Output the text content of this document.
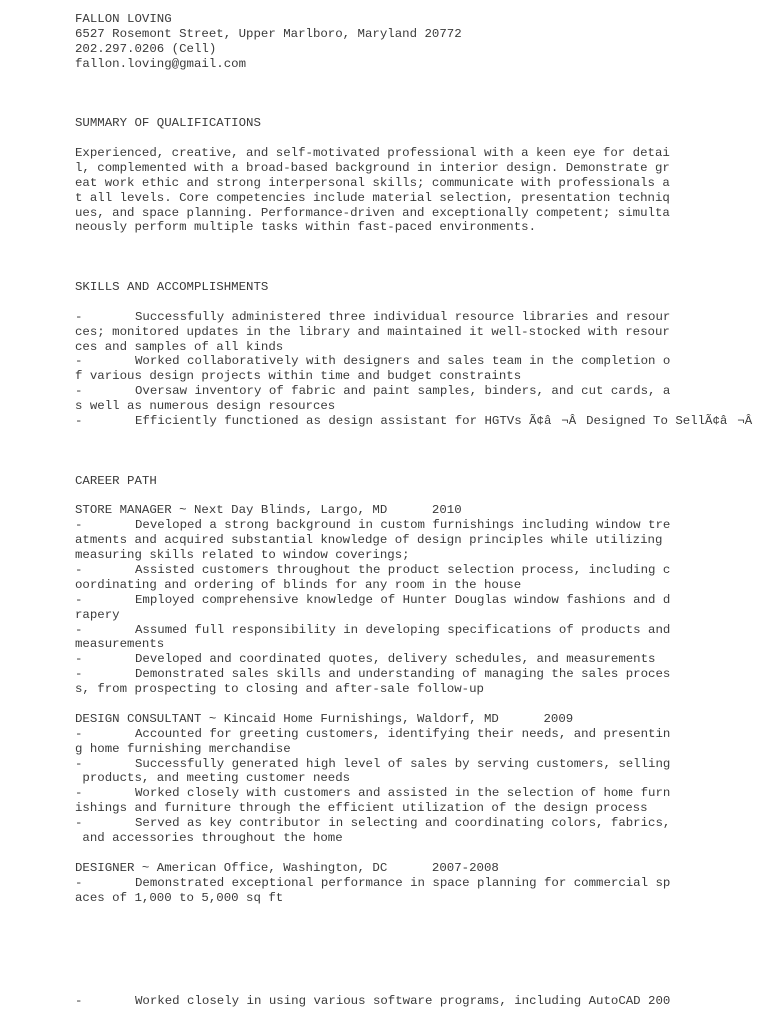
FALLON LOVING
6527 Rosemont Street, Upper Marlboro, Maryland 20772
202.297.0206 (Cell)
fallon.loving@gmail.com
SUMMARY OF QUALIFICATIONS
Experienced, creative, and self-motivated professional with a keen eye for detai
l, complemented with a broad-based background in interior design. Demonstrate gr
eat work ethic and strong interpersonal skills; communicate with professionals a
t all levels. Core competencies include material selection, presentation techniq
ues, and space planning. Performance-driven and exceptionally competent; simulta
neously perform multiple tasks within fast-paced environments.
SKILLS AND ACCOMPLISHMENTS
-	Successfully administered three individual resource libraries and resour
ces; monitored updates in the library and maintained it well-stocked with resour
ces and samples of all kinds
-	Worked collaboratively with designers and sales team in the completion o
f various design projects within time and budget constraints
-	Oversaw inventory of fabric and paint samples, binders, and cut cards, a
s well as numerous design resources
-	Efficiently functioned as design assistant for HGTVs Ã¢â¬ÂDesigned To SellÃ¢â¬Â
CAREER PATH
STORE MANAGER ~ Next Day Blinds, Largo, MD	2010
-	Developed a strong background in custom furnishings including window tre
atments and acquired substantial knowledge of design principles while utilizing
measuring skills related to window coverings;
-	Assisted customers throughout the product selection process, including c
oordinating and ordering of blinds for any room in the house
-	Employed comprehensive knowledge of Hunter Douglas window fashions and d
rapery
-	Assumed full responsibility in developing specifications of products and
measurements
-	Developed and coordinated quotes, delivery schedules, and measurements
-	Demonstrated sales skills and understanding of managing the sales proces
s, from prospecting to closing and after-sale follow-up
DESIGN CONSULTANT ~ Kincaid Home Furnishings, Waldorf, MD	2009
-	Accounted for greeting customers, identifying their needs, and presentin
g home furnishing merchandise
-	Successfully generated high level of sales by serving customers, selling
products, and meeting customer needs
-	Worked closely with customers and assisted in the selection of home furn
ishings and furniture through the efficient utilization of the design process
-	Served as key contributor in selecting and coordinating colors, fabrics,
and accessories throughout the home
DESIGNER ~ American Office, Washington, DC	2007-2008
-	Demonstrated exceptional performance in space planning for commercial sp
aces of 1,000 to 5,000 sq ft
-	Worked closely in using various software programs, including AutoCAD 200
